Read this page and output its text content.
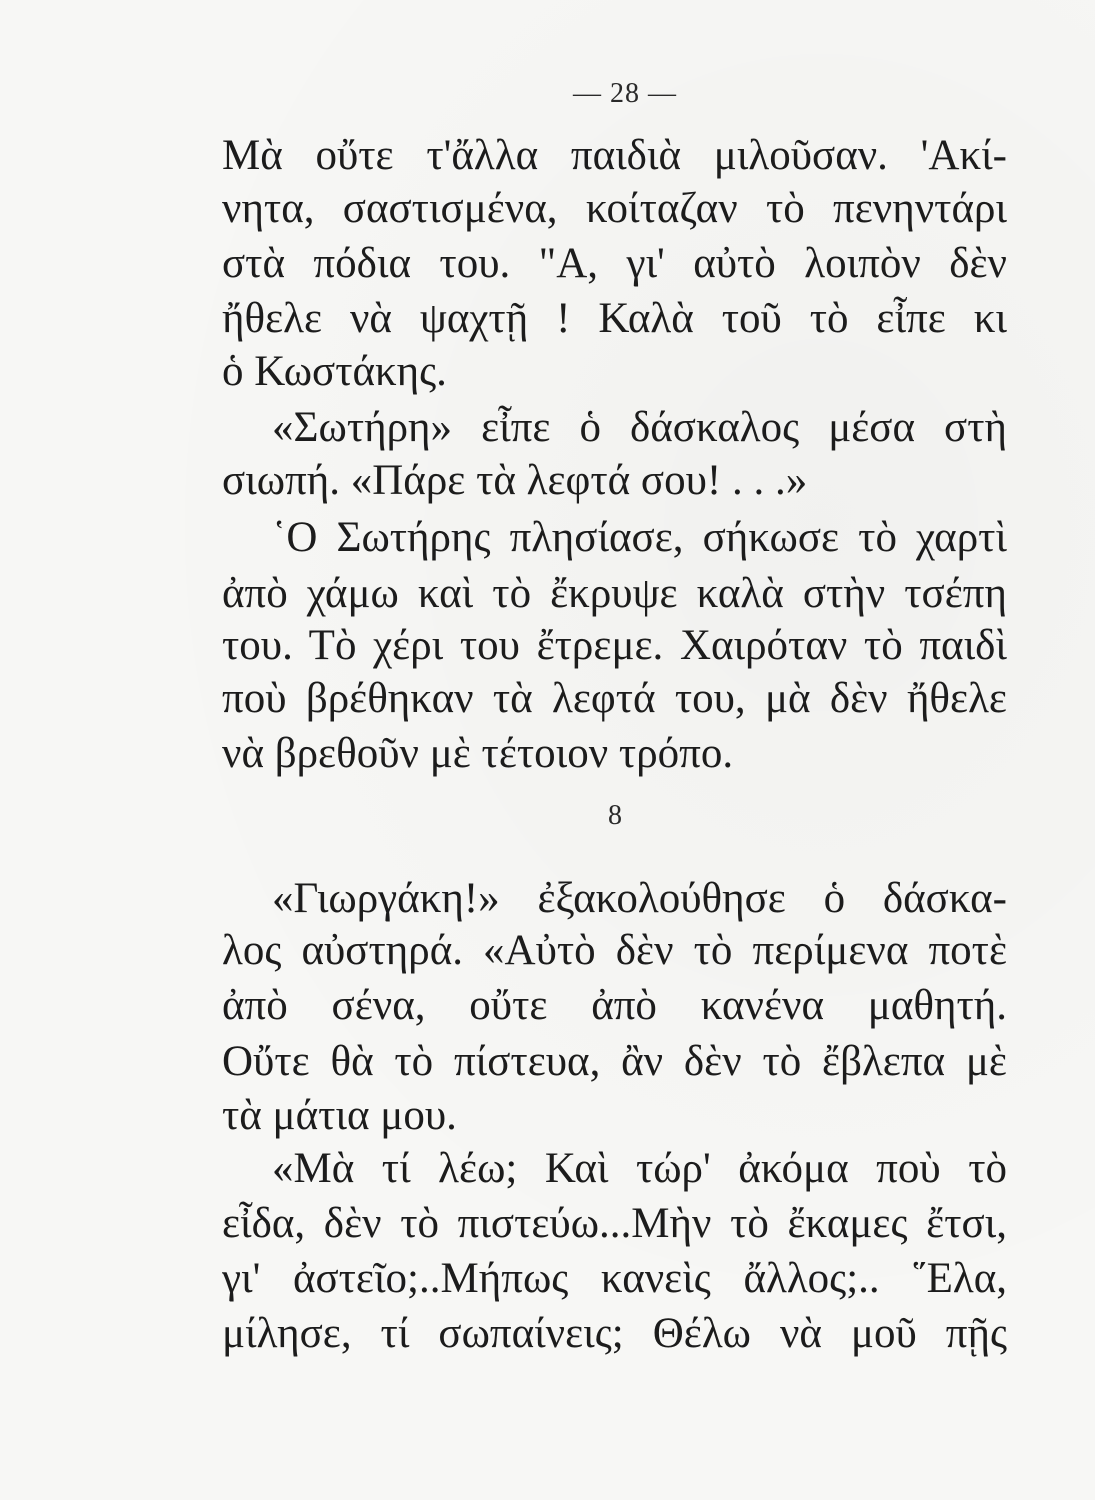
— 28 —
Μὰ οὔτε τ'ἄλλα παιδιὰ μιλοῦσαν. 'Ακί-
νητα, σαστισμένα, κοίταζαν τὸ πενηντάρι
στὰ πόδια του. "Α, γι' αὐτὸ λοιπὸν δὲν
ἤθελε νὰ ψαχτῇ ! Καλὰ τοῦ τὸ εἶπε κι
ὁ Κωστάκης.
«Σωτήρη» εἶπε ὁ δάσκαλος μέσα στὴ
σιωπή. «Πάρε τὰ λεφτά σου! . . .»
῾Ο Σωτήρης πλησίασε, σήκωσε τὸ χαρτὶ
ἀπὸ χάμω καὶ τὸ ἔκρυψε καλὰ στὴν τσέπη
του. Τὸ χέρι του ἔτρεμε. Χαιρόταν τὸ παιδὶ
ποὺ βρέθηκαν τὰ λεφτά του, μὰ δὲν ἤθελε
νὰ βρεθοῦν μὲ τέτοιον τρόπο.
8
«Γιωργάκη!» ἐξακολούθησε ὁ δάσκα-
λος αὐστηρά. «Αὐτὸ δὲν τὸ περίμενα ποτὲ
ἀπὸ σένα, οὔτε ἀπὸ κανένα μαθητή.
Οὔτε θὰ τὸ πίστευα, ἂν δὲν τὸ ἔβλεπα μὲ
τὰ μάτια μου.
«Μὰ τί λέω; Καὶ τώρ' ἀκόμα ποὺ τὸ
εἶδα, δὲν τὸ πιστεύω...Μὴν τὸ ἔκαμες ἔτσι,
γι' ἀστεῖο;..Μήπως κανεὶς ἄλλος;.. ῞Ελα,
μίλησε, τί σωπαίνεις; Θέλω νὰ μοῦ πῇς
